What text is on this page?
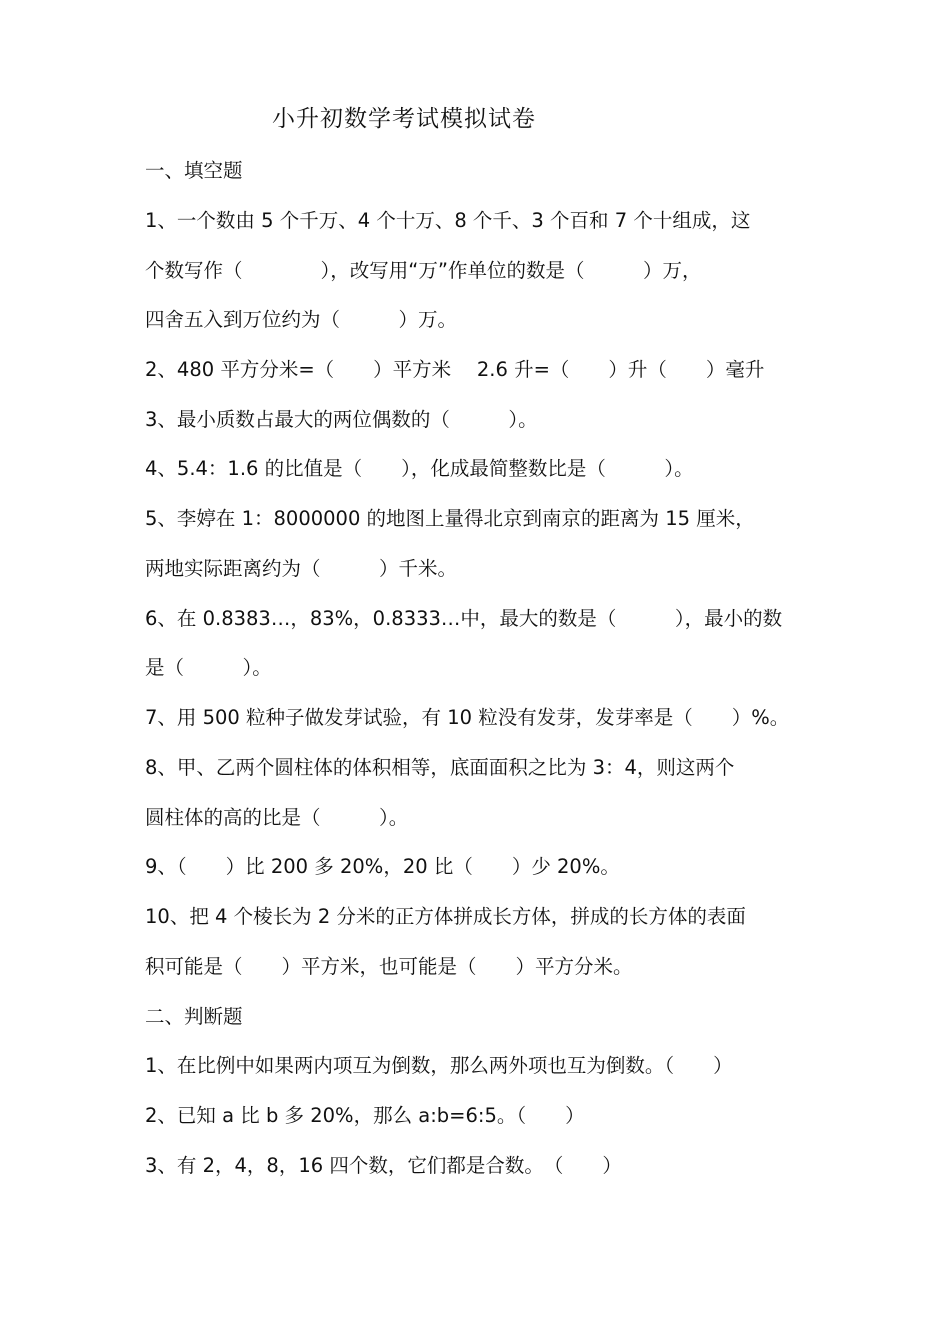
小升初数学考试模拟试卷
一、填空题
1、一个数由 5 个千万、4 个十万、8 个千、3 个百和 7 个十组成，这
个数写作（　　　　），改写用“万”作单位的数是（　　　）万，
四舍五入到万位约为（　　　）万。
2、480 平方分米=（　　）平方米　 2.6 升=（　　）升（　　）毫升
3、最小质数占最大的两位偶数的（　　　）。
4、5.4：1.6 的比值是（　　），化成最简整数比是（　　　）。
5、李婷在 1：8000000 的地图上量得北京到南京的距离为 15 厘米，
两地实际距离约为（　　　）千米。
6、在 0.8383…，83%，0.8333…中，最大的数是（　　　），最小的数
是（　　　）。
7、用 500 粒种子做发芽试验，有 10 粒没有发芽，发芽率是（　　）%。
8、甲、乙两个圆柱体的体积相等，底面面积之比为 3：4，则这两个
圆柱体的高的比是（　　　）。
9、（　　）比 200 多 20%，20 比（　　）少 20%。
10、把 4 个棱长为 2 分米的正方体拼成长方体，拼成的长方体的表面
积可能是（　　）平方米，也可能是（　　）平方分米。
二、判断题
1、在比例中如果两内项互为倒数，那么两外项也互为倒数。（　　）
2、已知 a 比 b 多 20%，那么 a:b=6:5。（　　）
3、有 2，4，8，16 四个数，它们都是合数。　（　　）
